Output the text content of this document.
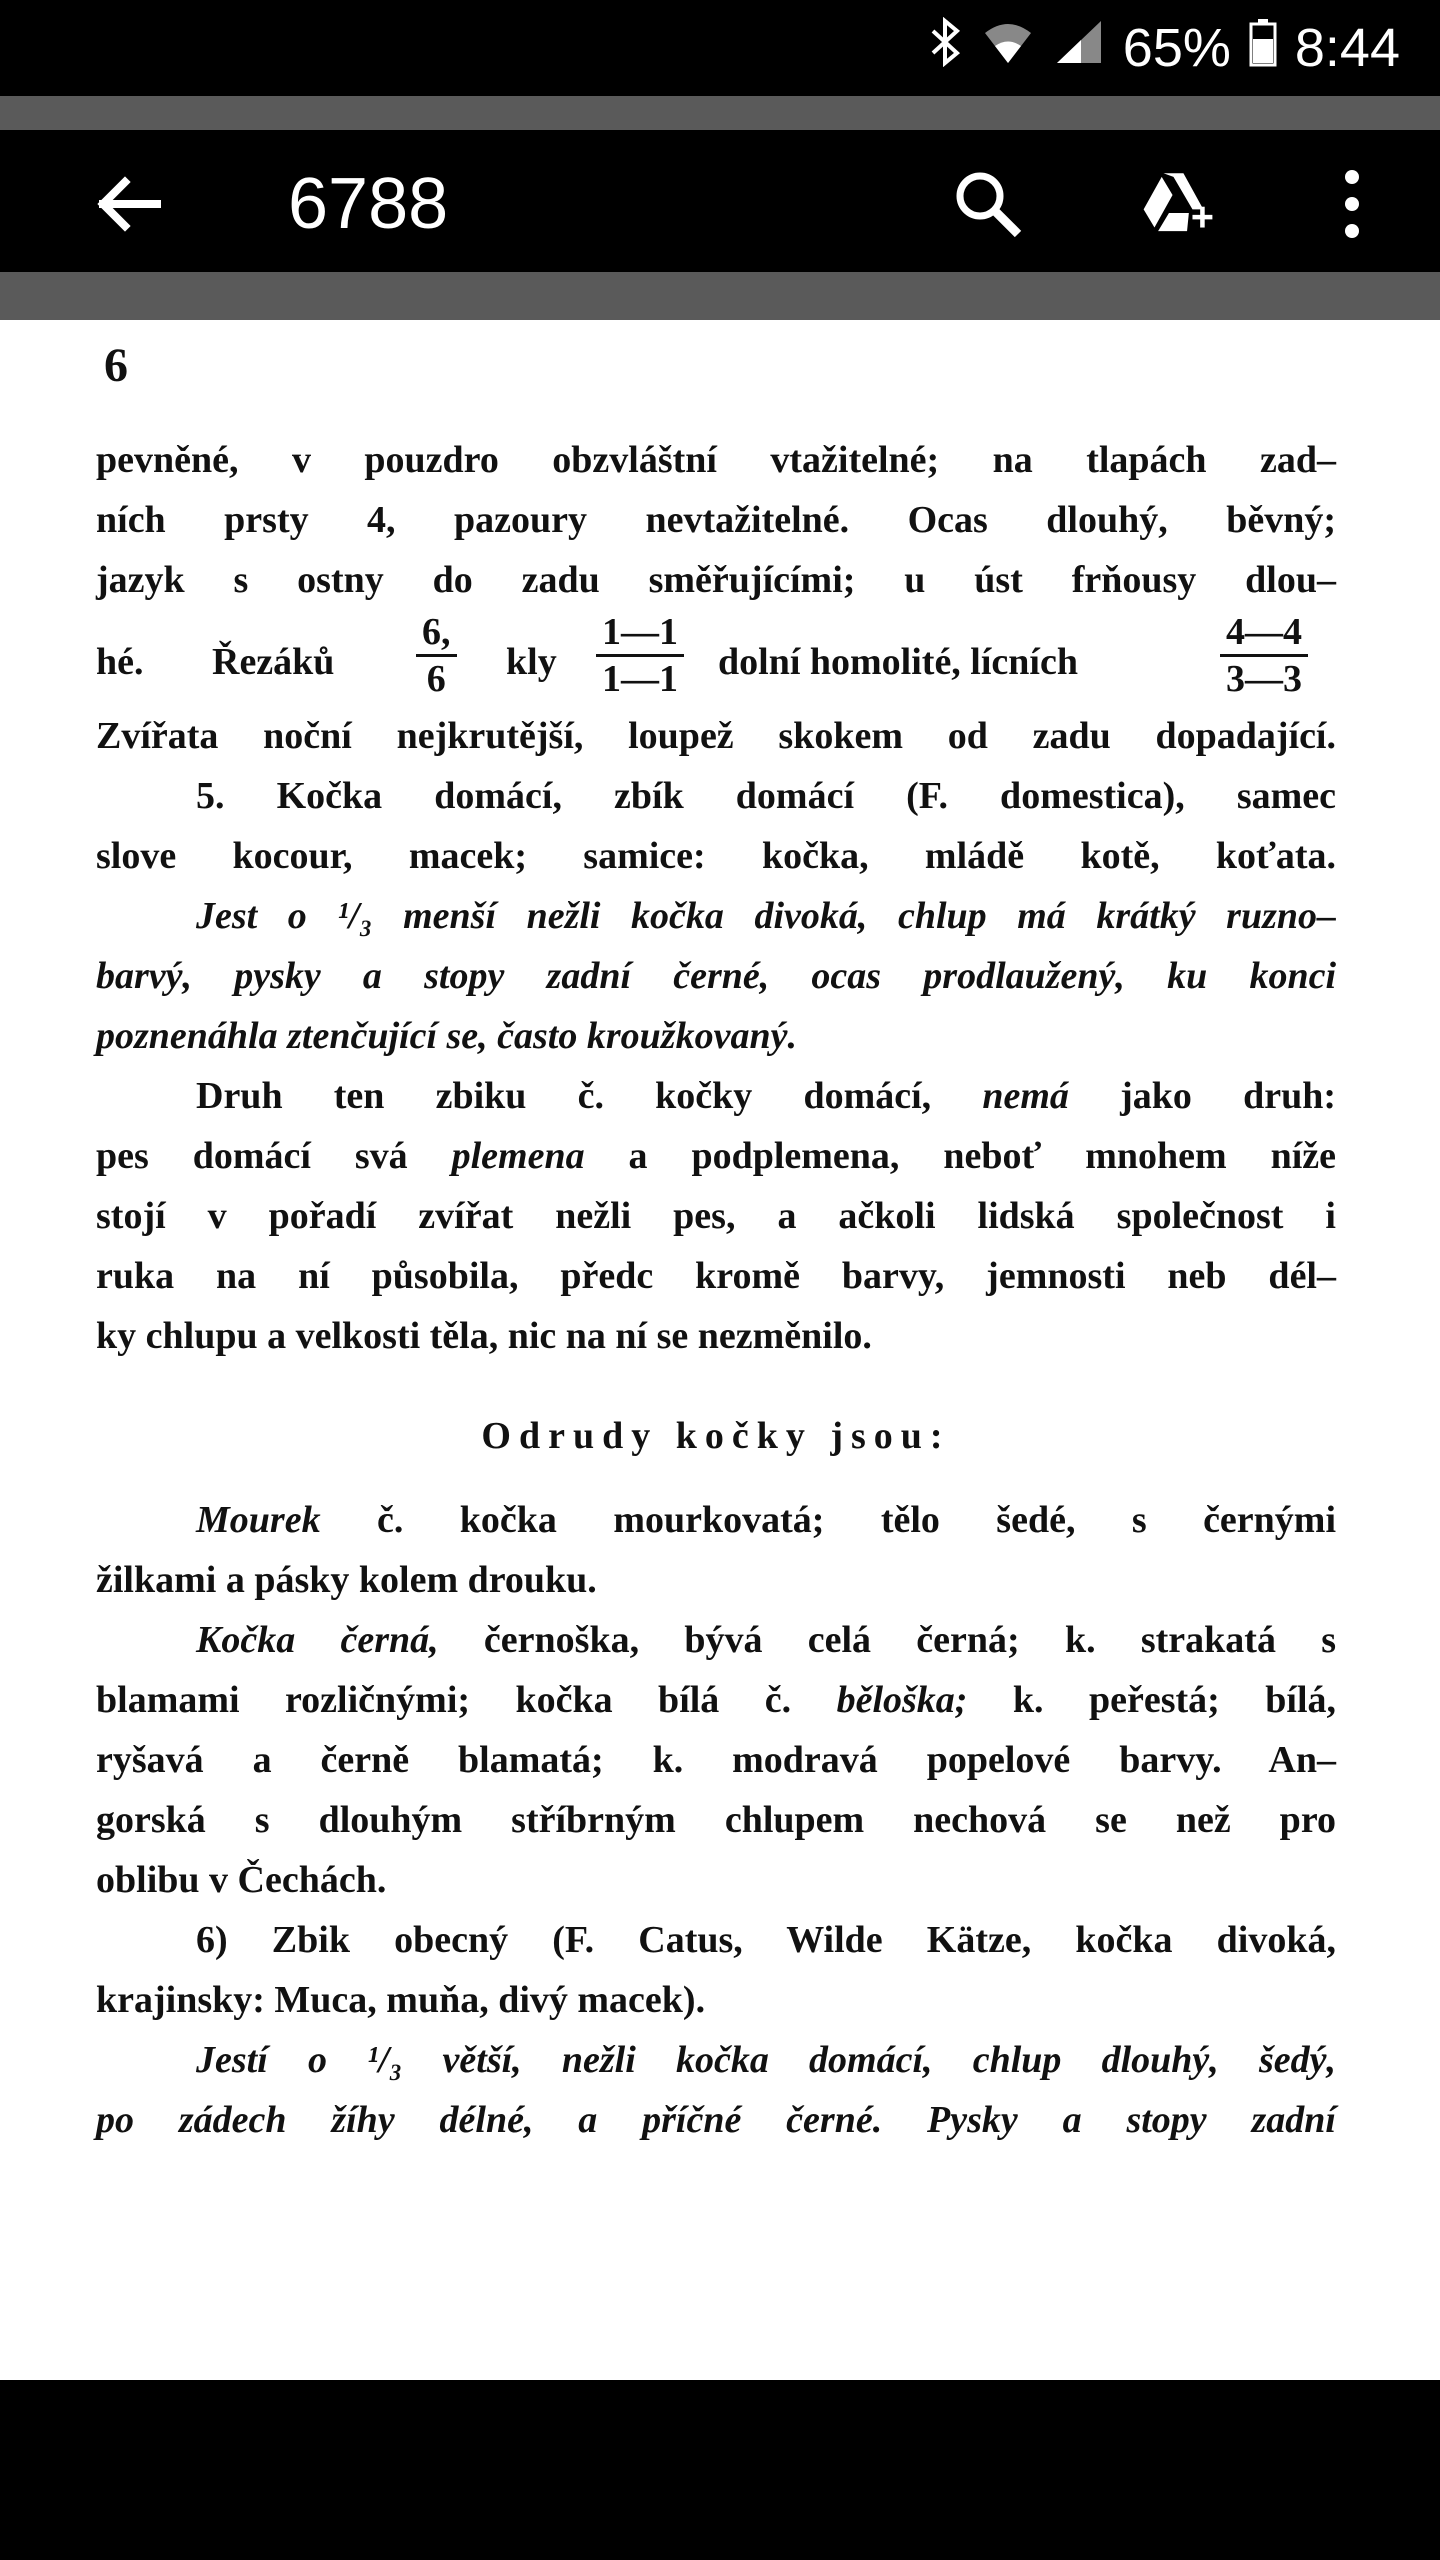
65% 8:44
6788
6
pevněné, v pouzdro obzvláštní vtažitelné; na tlapách zad–
ních prsty 4, pazoury nevtažitelné. Ocas dlouhý, běvný;
jazyk s ostny do zadu směřujícími; u úst frňousy dlou–
hé. Řezáků $\frac{6,}{6}$ kly $\frac{1—1}{1—1}$ dolní homolité, lícních	$\frac{4—4}{3—3}$
Zvířata noční nejkrutější, loupež skokem od zadu dopadající.
5. Kočka domácí, zbík domácí (F. domestica), samec
slove kocour, macek; samice: kočka, mládě kotě, koťata.
Jest o ¹/₃ menší nežli kočka divoká, chlup má krátký ruzno–
barvý, pysky a stopy zadní černé, ocas prodlaužený, ku konci
poznenáhla ztenčující se, často kroužkovaný.
Druh ten zbiku č. kočky domácí, nemá jako druh:
pes domácí svá plemena a podplemena, neboť mnohem níže
stojí v pořadí zvířat nežli pes, a ačkoli lidská společnost i
ruka na ní působila, předc kromě barvy, jemnosti neb dél–
ky chlupu a velkosti těla, nic na ní se nezměnilo.
Odrudy kočky jsou:
Mourek č. kočka mourkovatá; tělo šedé, s černými
žilkami a pásky kolem drouku.
Kočka černá, černoška, bývá celá černá; k. strakatá s
blamami rozličnými; kočka bílá č. běloška; k. peřestá; bílá,
ryšavá a černě blamatá; k. modravá popelové barvy. An–
gorská s dlouhým stříbrným chlupem nechová se než pro
oblibu v Čechách.
6) Zbik obecný (F. Catus, Wilde Kätze, kočka divoká,
krajinsky: Muca, muňa, divý macek).
Jestí o ¹/₃ větší, nežli kočka domácí, chlup dlouhý, šedý,
po zádech žíhy délné, a příčné černé. Pysky a stopy zadní
